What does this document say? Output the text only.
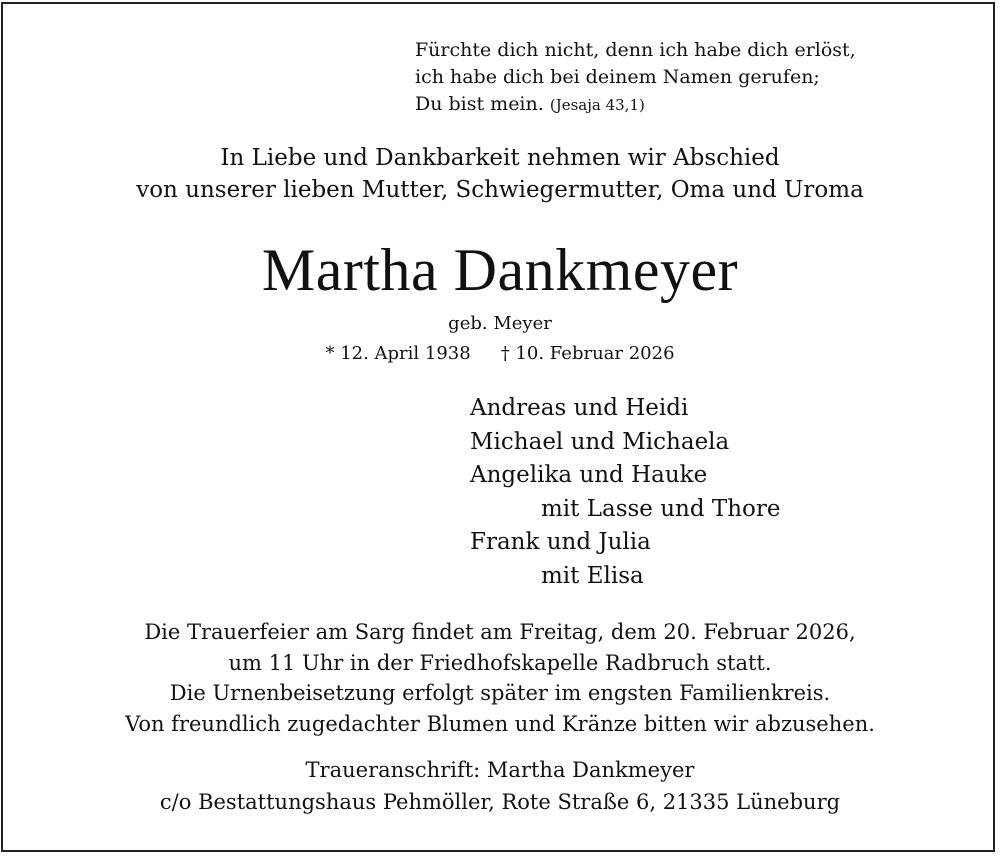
Fürchte dich nicht, denn ich habe dich erlöst,
ich habe dich bei deinem Namen gerufen;
Du bist mein. (Jesaja 43,1)
In Liebe und Dankbarkeit nehmen wir Abschied
von unserer lieben Mutter, Schwiegermutter, Oma und Uroma
Martha Dankmeyer
geb. Meyer
* 12. April 1938 † 10. Februar 2026
Andreas und Heidi
Michael und Michaela
Angelika und Hauke
mit Lasse und Thore
Frank und Julia
mit Elisa
Die Trauerfeier am Sarg findet am Freitag, dem 20. Februar 2026,
um 11 Uhr in der Friedhofskapelle Radbruch statt.
Die Urnenbeisetzung erfolgt später im engsten Familienkreis.
Von freundlich zugedachter Blumen und Kränze bitten wir abzusehen.
Traueranschrift: Martha Dankmeyer
c/o Bestattungshaus Pehmöller, Rote Straße 6, 21335 Lüneburg
